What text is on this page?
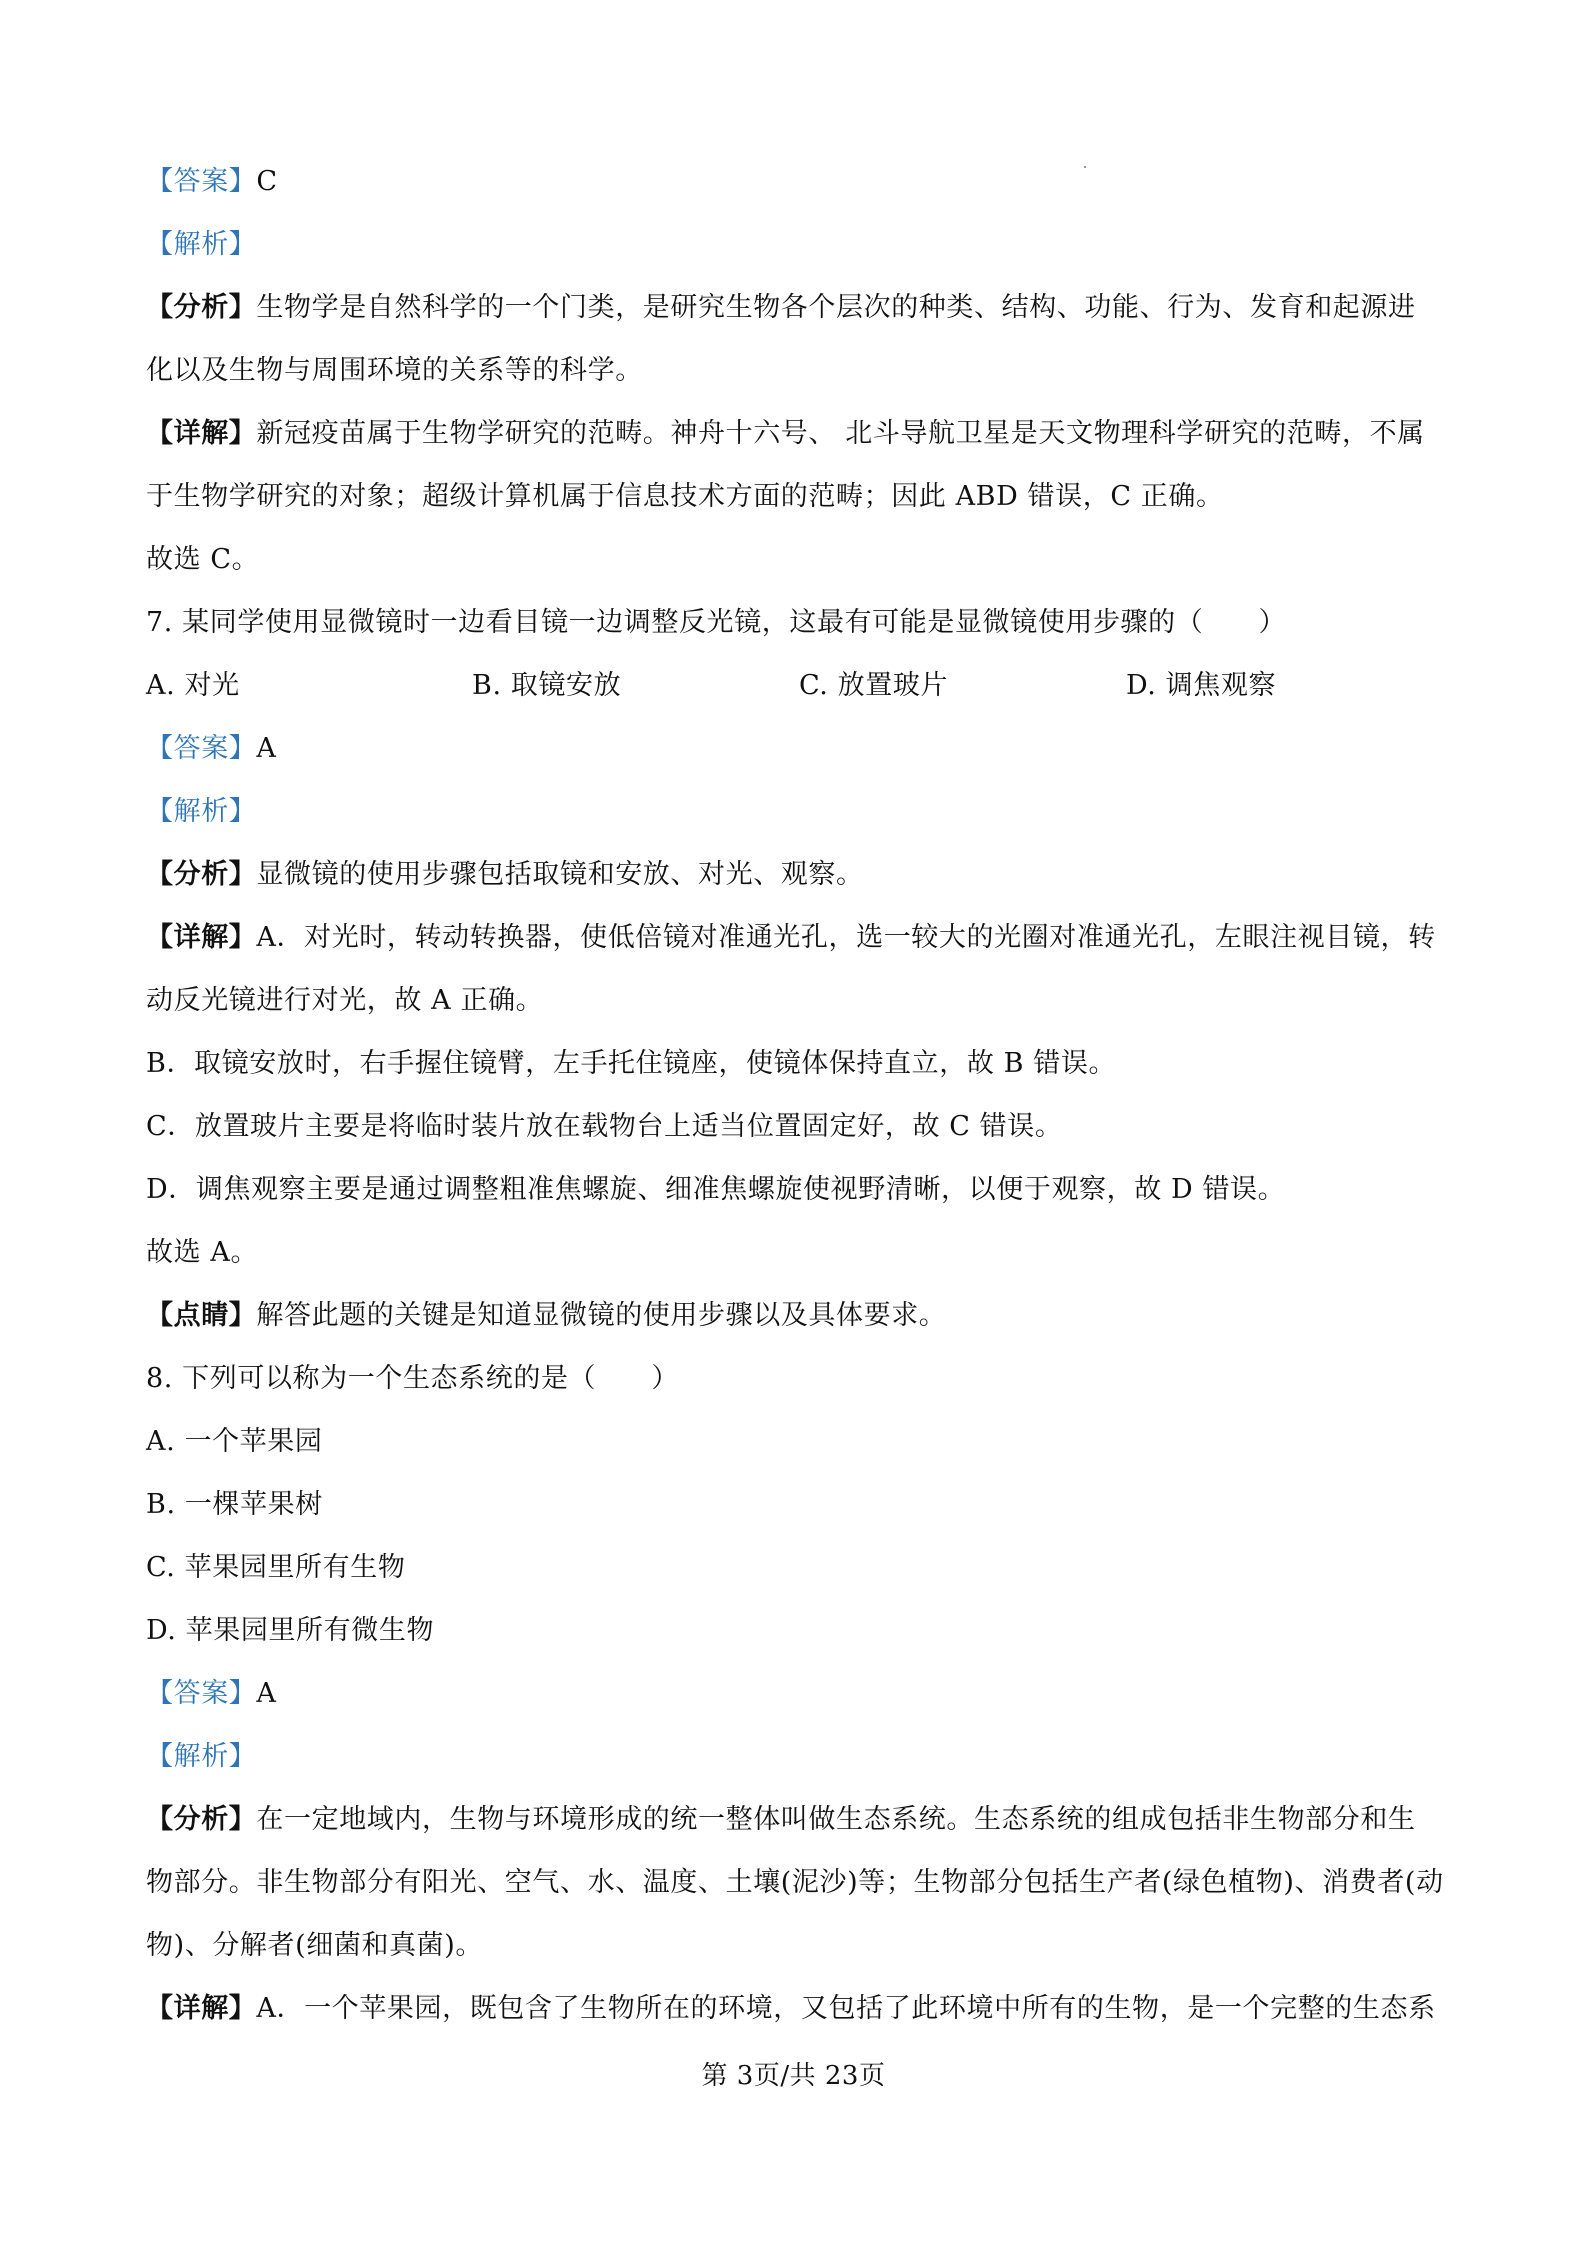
【答案】C
【解析】
【分析】生物学是自然科学的一个门类，是研究生物各个层次的种类、结构、功能、行为、发育和起源进
化以及生物与周围环境的关系等的科学。
【详解】新冠疫苗属于生物学研究的范畴。神舟十六号、 北斗导航卫星是天文物理科学研究的范畴，不属
于生物学研究的对象；超级计算机属于信息技术方面的范畴；因此 ABD 错误，C 正确。
故选 C。
7. 某同学使用显微镜时一边看目镜一边调整反光镜，这最有可能是显微镜使用步骤的（　　）
A. 对光	B. 取镜安放	C. 放置玻片	D. 调焦观察
【答案】A
【解析】
【分析】显微镜的使用步骤包括取镜和安放、对光、观察。
【详解】A．对光时，转动转换器，使低倍镜对准通光孔，选一较大的光圈对准通光孔，左眼注视目镜，转
动反光镜进行对光，故 A 正确。
B．取镜安放时，右手握住镜臂，左手托住镜座，使镜体保持直立，故 B 错误。
C．放置玻片主要是将临时装片放在载物台上适当位置固定好，故 C 错误。
D．调焦观察主要是通过调整粗准焦螺旋、细准焦螺旋使视野清晰，以便于观察，故 D 错误。
故选 A。
【点睛】解答此题的关键是知道显微镜的使用步骤以及具体要求。
8. 下列可以称为一个生态系统的是（　　）
A. 一个苹果园
B. 一棵苹果树
C. 苹果园里所有生物
D. 苹果园里所有微生物
【答案】A
【解析】
【分析】在一定地域内，生物与环境形成的统一整体叫做生态系统。生态系统的组成包括非生物部分和生
物部分。非生物部分有阳光、空气、水、温度、土壤(泥沙)等；生物部分包括生产者(绿色植物)、消费者(动
物)、分解者(细菌和真菌)。
【详解】A．一个苹果园，既包含了生物所在的环境，又包括了此环境中所有的生物，是一个完整的生态系
第 3页/共 23页
